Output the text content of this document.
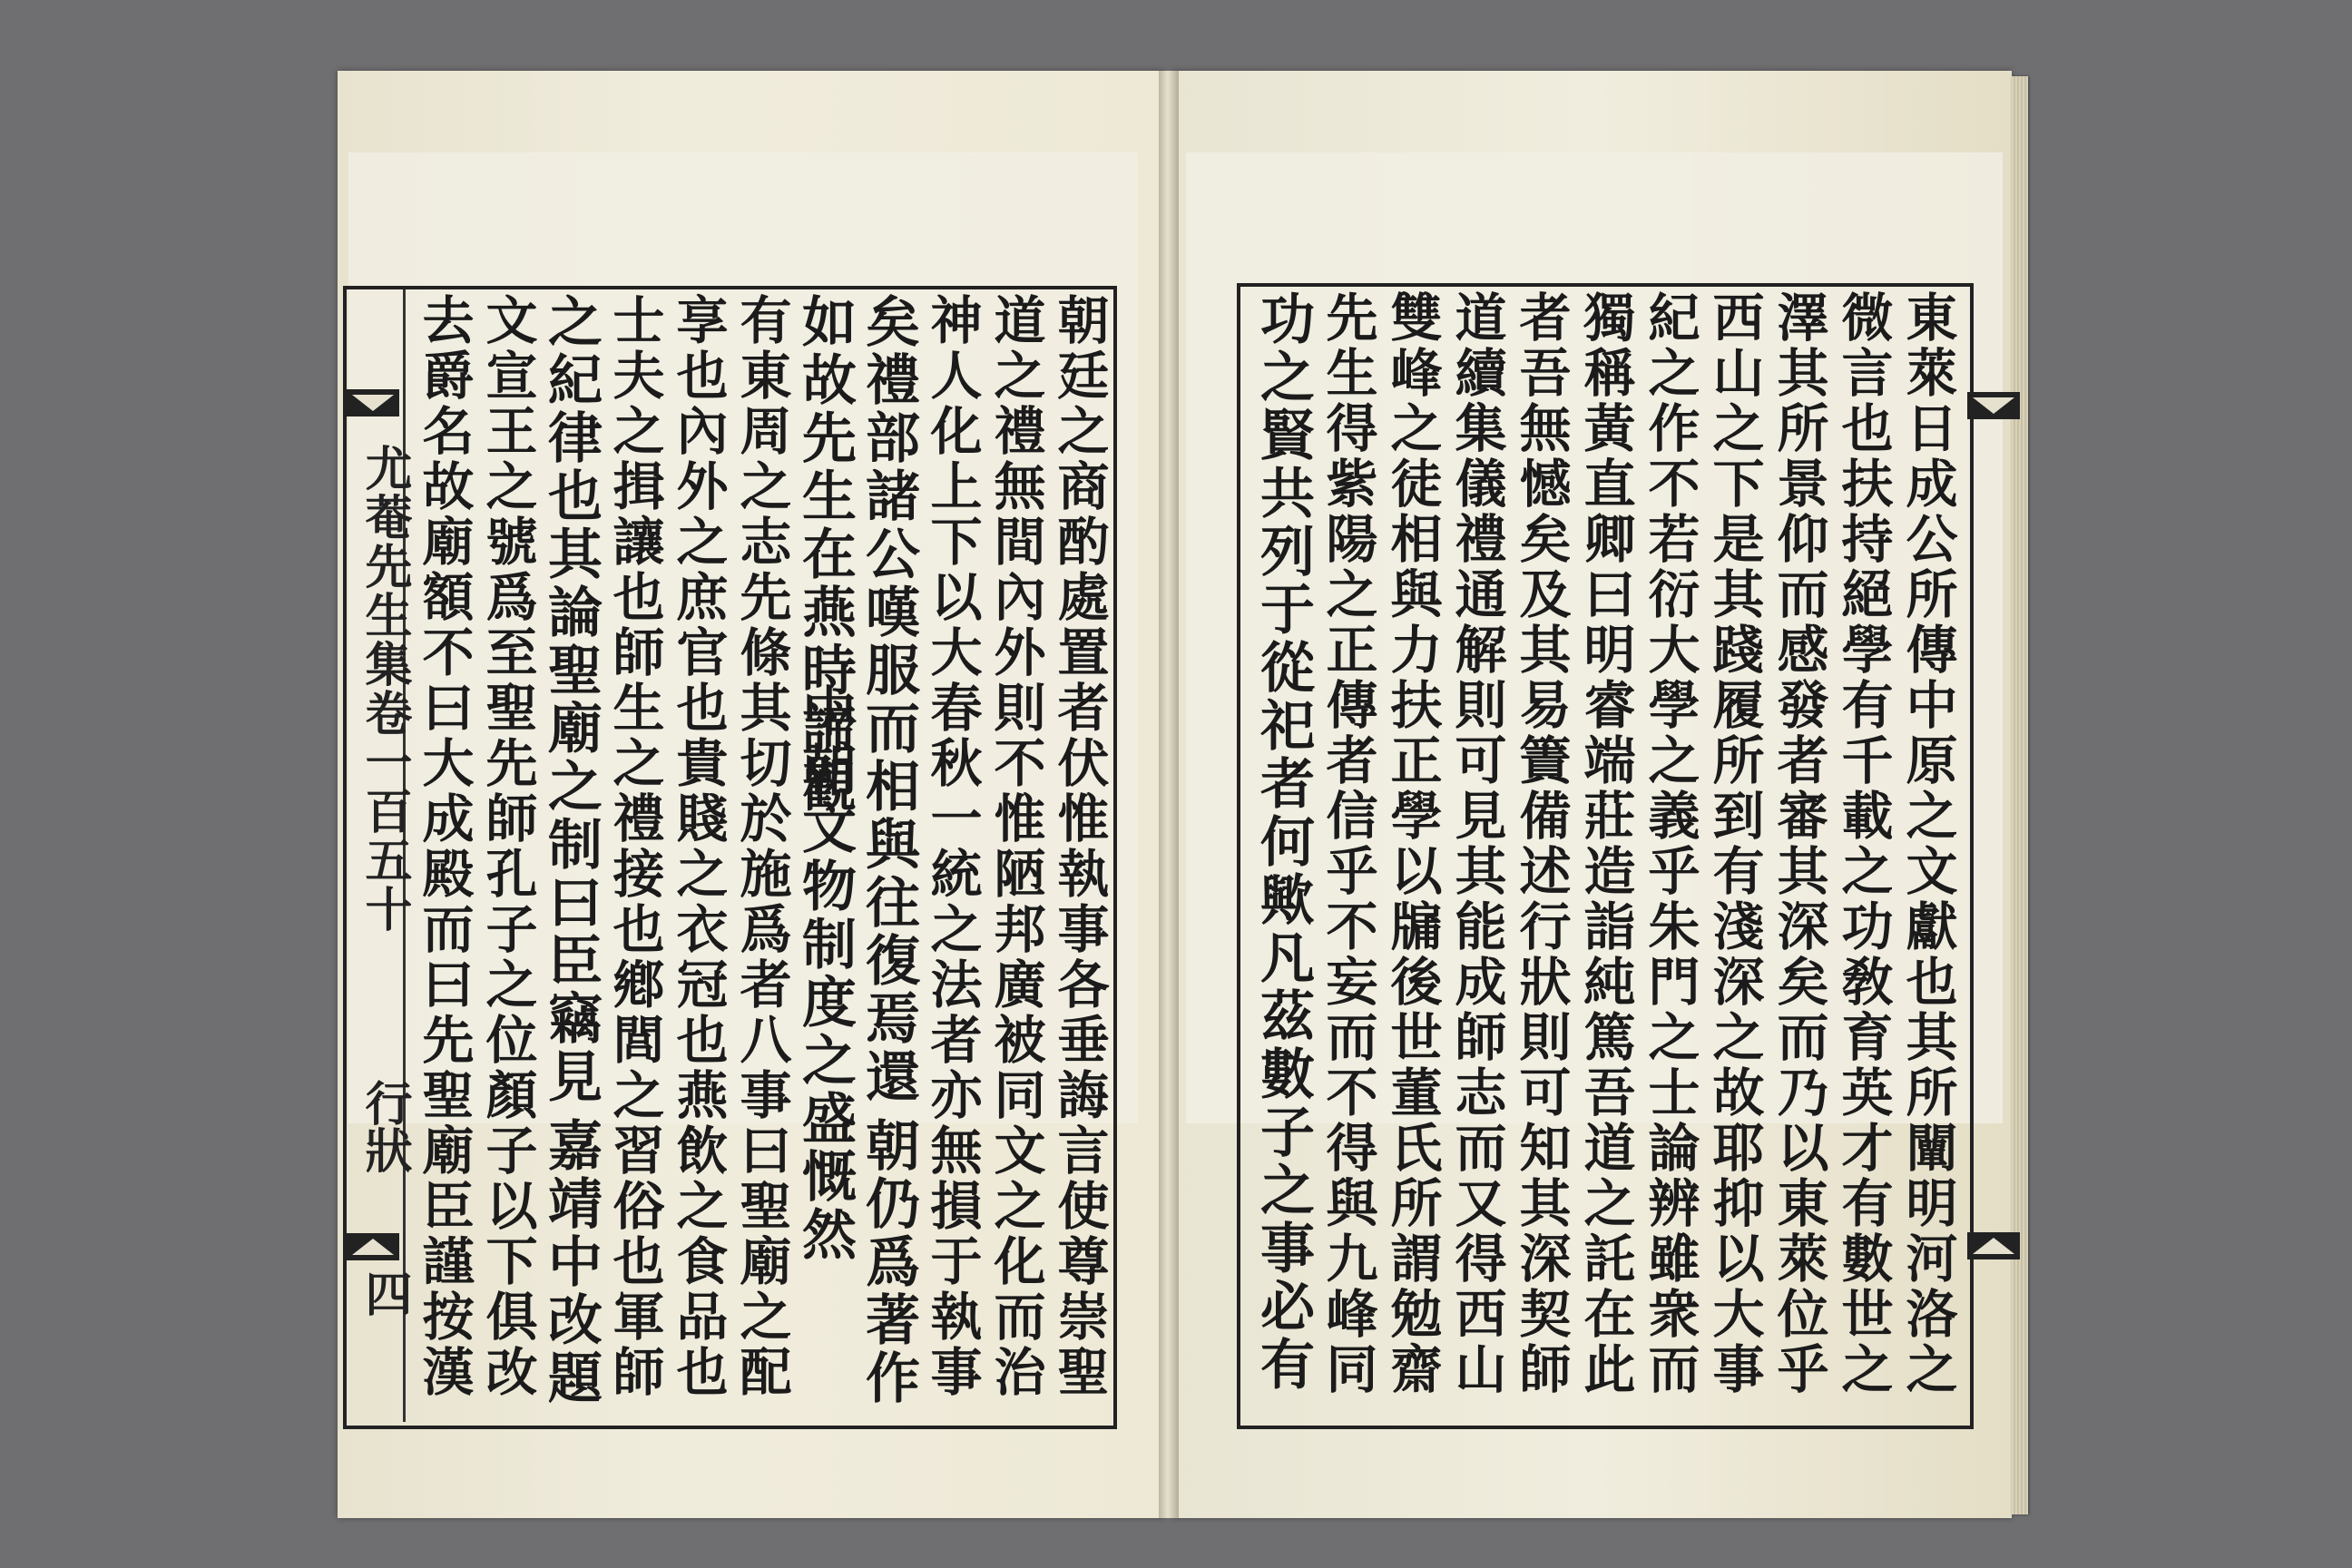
尤菴先生集卷一百五十
行狀
四	朝廷之商酌處置者伏惟執事各垂誨言使尊崇聖
道之禮無間內外則不惟陋邦廣被同文之化而治
神人化上下以大春秋一統之法者亦無損于執事
矣禮部諸公嘆服而相與往復焉還
朝仍爲著作
如故先生在燕時諦觀
中朝文物制度之盛慨然
有東周之志先條其切於施爲者八事曰聖廟之配
享也內外之庶官也貴賤之衣冠也燕飲之食品也
士夫之揖讓也師生之禮接也鄕閭之習俗也軍師
之紀律也其論聖廟之制曰臣竊見
嘉靖中改題
文宣王之號爲至聖先師孔子之位顏子以下俱改
去爵名故廟額不曰大成殿而曰先聖廟臣謹按漢	東萊日成公所傳中原之文獻也其所闡明河洛之
微言也扶持絕學有千載之功敎育英才有數世之
澤其所景仰而感發者審其深矣而乃以東萊位乎
西山之下是其踐履所到有淺深之故耶抑以大事
紀之作不若衍大學之義乎朱門之士論辨雖衆而
獨稱黃直卿曰明睿端莊造詣純篤吾道之託在此
者吾無憾矣及其易簀備述行狀則可知其深契師
道續集儀禮通解則可見其能成師志而又得西山
雙峰之徒相與力扶正學以牖後世董氏所謂勉齋
先生得紫陽之正傳者信乎不妄而不得與九峰同
功之賢共列于從祀者何歟凡茲數子之事必有
